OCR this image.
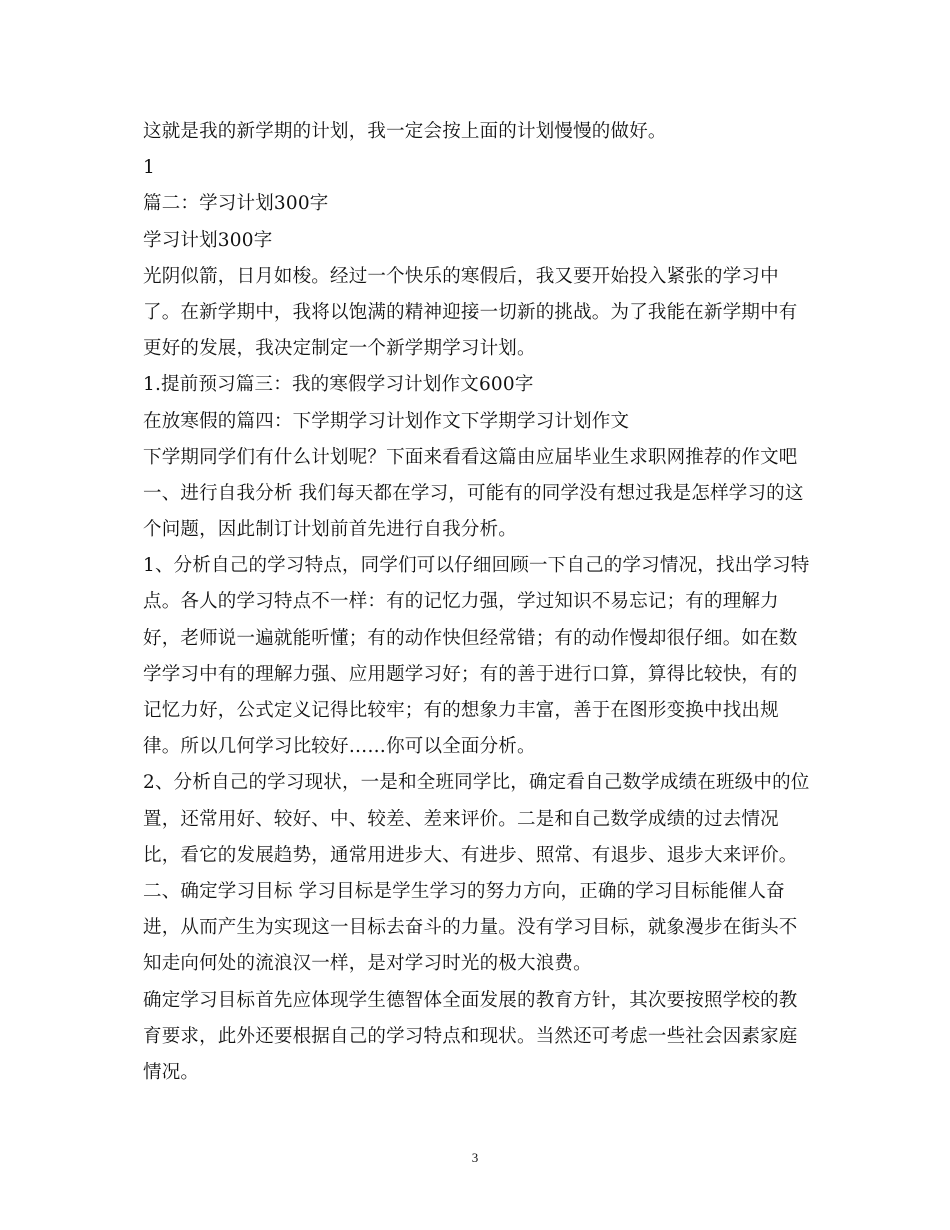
这就是我的新学期的计划，我一定会按上面的计划慢慢的做好。
1
篇二：学习计划300字
学习计划300字
光阴似箭，日月如梭。经过一个快乐的寒假后，我又要开始投入紧张的学习中
了。在新学期中，我将以饱满的精神迎接一切新的挑战。为了我能在新学期中有
更好的发展，我决定制定一个新学期学习计划。
1.提前预习篇三：我的寒假学习计划作文600字
在放寒假的篇四：下学期学习计划作文下学期学习计划作文
下学期同学们有什么计划呢？下面来看看这篇由应届毕业生求职网推荐的作文吧
一、进行自我分析 我们每天都在学习，可能有的同学没有想过我是怎样学习的这
个问题，因此制订计划前首先进行自我分析。
1、分析自己的学习特点，同学们可以仔细回顾一下自己的学习情况，找出学习特
点。各人的学习特点不一样：有的记忆力强，学过知识不易忘记；有的理解力
好，老师说一遍就能听懂；有的动作快但经常错；有的动作慢却很仔细。如在数
学学习中有的理解力强、应用题学习好；有的善于进行口算，算得比较快，有的
记忆力好，公式定义记得比较牢；有的想象力丰富，善于在图形变换中找出规
律。所以几何学习比较好……你可以全面分析。
2、分析自己的学习现状，一是和全班同学比，确定看自己数学成绩在班级中的位
置，还常用好、较好、中、较差、差来评价。二是和自己数学成绩的过去情况
比，看它的发展趋势，通常用进步大、有进步、照常、有退步、退步大来评价。
二、确定学习目标 学习目标是学生学习的努力方向，正确的学习目标能催人奋
进，从而产生为实现这一目标去奋斗的力量。没有学习目标，就象漫步在街头不
知走向何处的流浪汉一样，是对学习时光的极大浪费。
确定学习目标首先应体现学生德智体全面发展的教育方针，其次要按照学校的教
育要求，此外还要根据自己的学习特点和现状。当然还可考虑一些社会因素家庭
情况。
3
